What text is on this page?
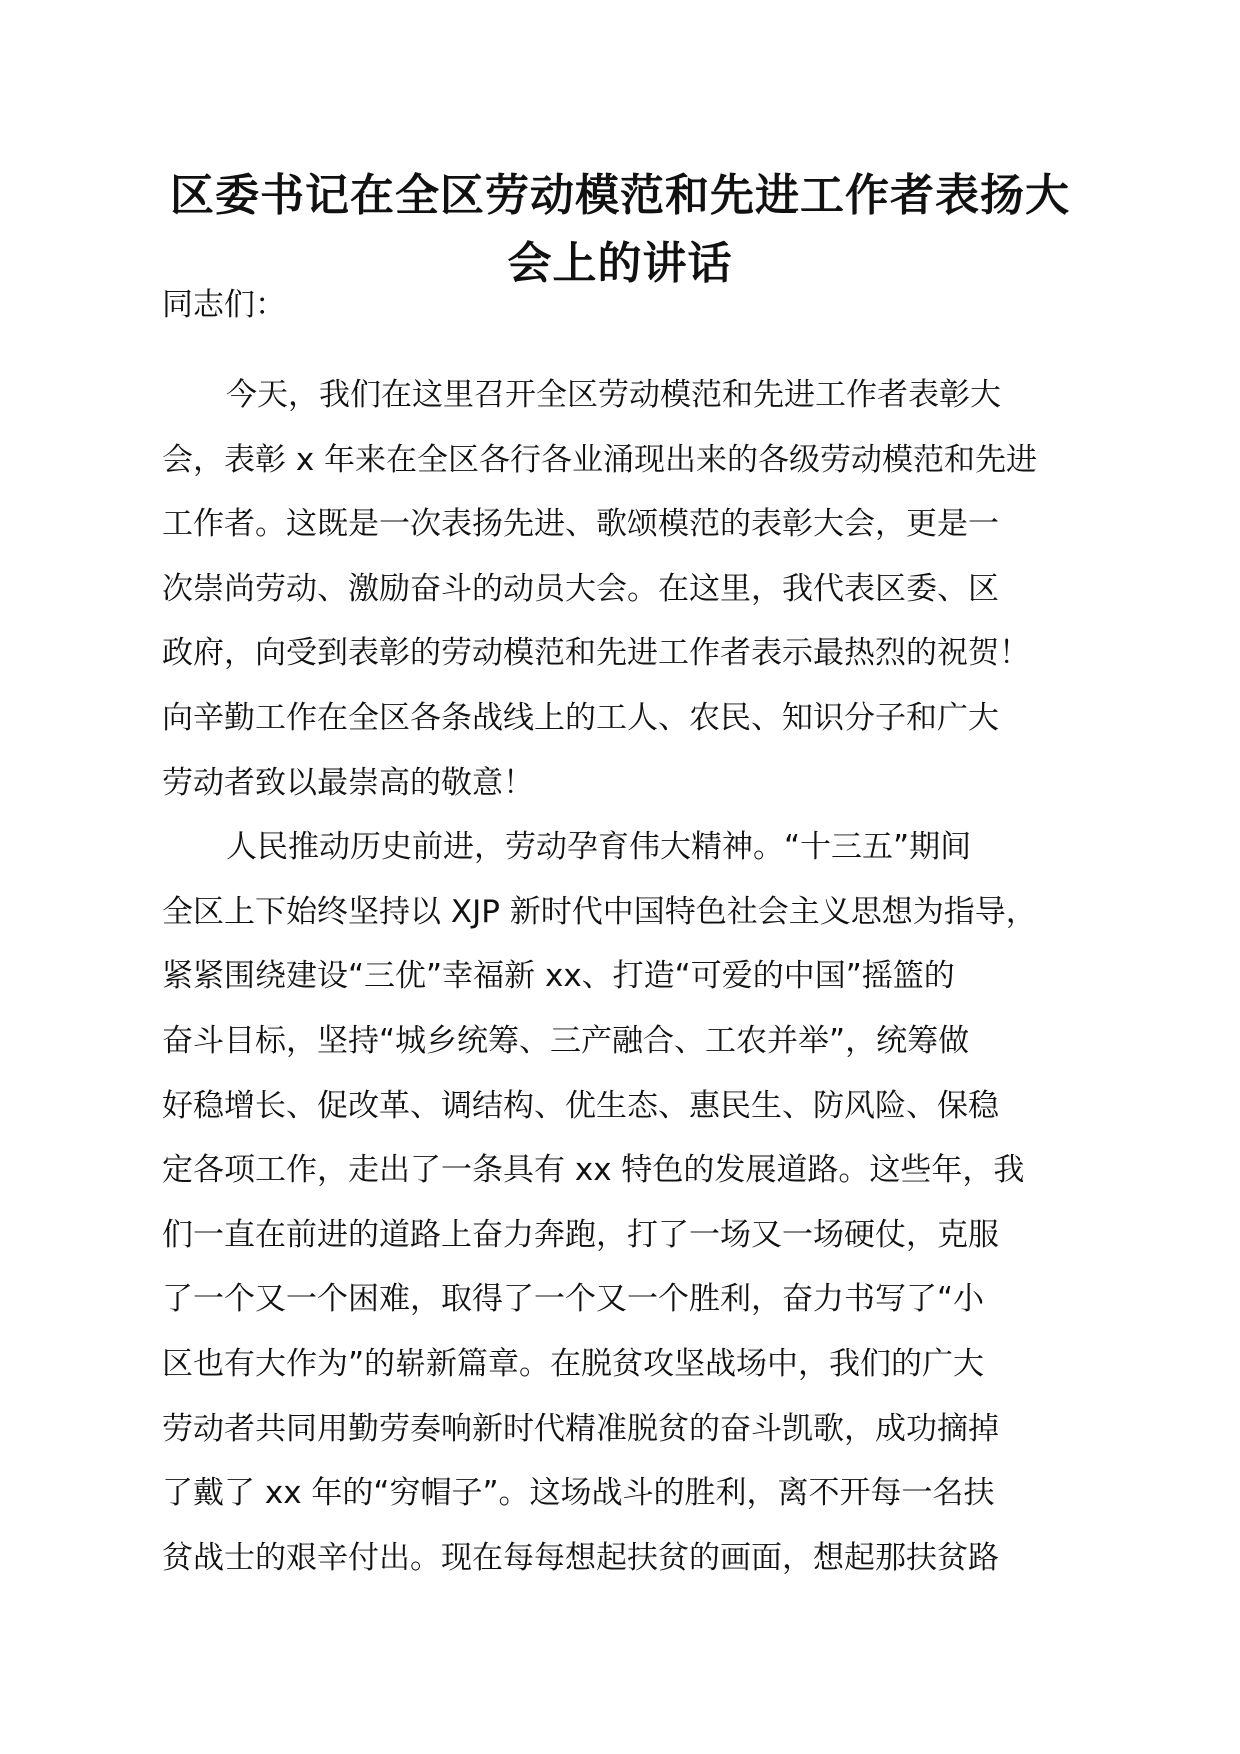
区委书记在全区劳动模范和先进工作者表扬大会上的讲话

同志们：

今天，我们在这里召开全区劳动模范和先进工作者表彰大
会，表彰 x 年来在全区各行各业涌现出来的各级劳动模范和先进
工作者。这既是一次表扬先进、歌颂模范的表彰大会，更是一
次崇尚劳动、激励奋斗的动员大会。在这里，我代表区委、区
政府，向受到表彰的劳动模范和先进工作者表示最热烈的祝贺！
向辛勤工作在全区各条战线上的工人、农民、知识分子和广大
劳动者致以最崇高的敬意！

人民推动历史前进，劳动孕育伟大精神。“十三五”期间
全区上下始终坚持以 XJP 新时代中国特色社会主义思想为指导，
紧紧围绕建设“三优”幸福新 xx、打造“可爱的中国”摇篮的
奋斗目标，坚持“城乡统筹、三产融合、工农并举”，统筹做
好稳增长、促改革、调结构、优生态、惠民生、防风险、保稳
定各项工作，走出了一条具有 xx 特色的发展道路。这些年，我
们一直在前进的道路上奋力奔跑，打了一场又一场硬仗，克服
了一个又一个困难，取得了一个又一个胜利，奋力书写了“小
区也有大作为”的崭新篇章。在脱贫攻坚战场中，我们的广大
劳动者共同用勤劳奏响新时代精准脱贫的奋斗凯歌，成功摘掉
了戴了 xx 年的“穷帽子”。这场战斗的胜利，离不开每一名扶
贫战士的艰辛付出。现在每每想起扶贫的画面，想起那扶贫路
